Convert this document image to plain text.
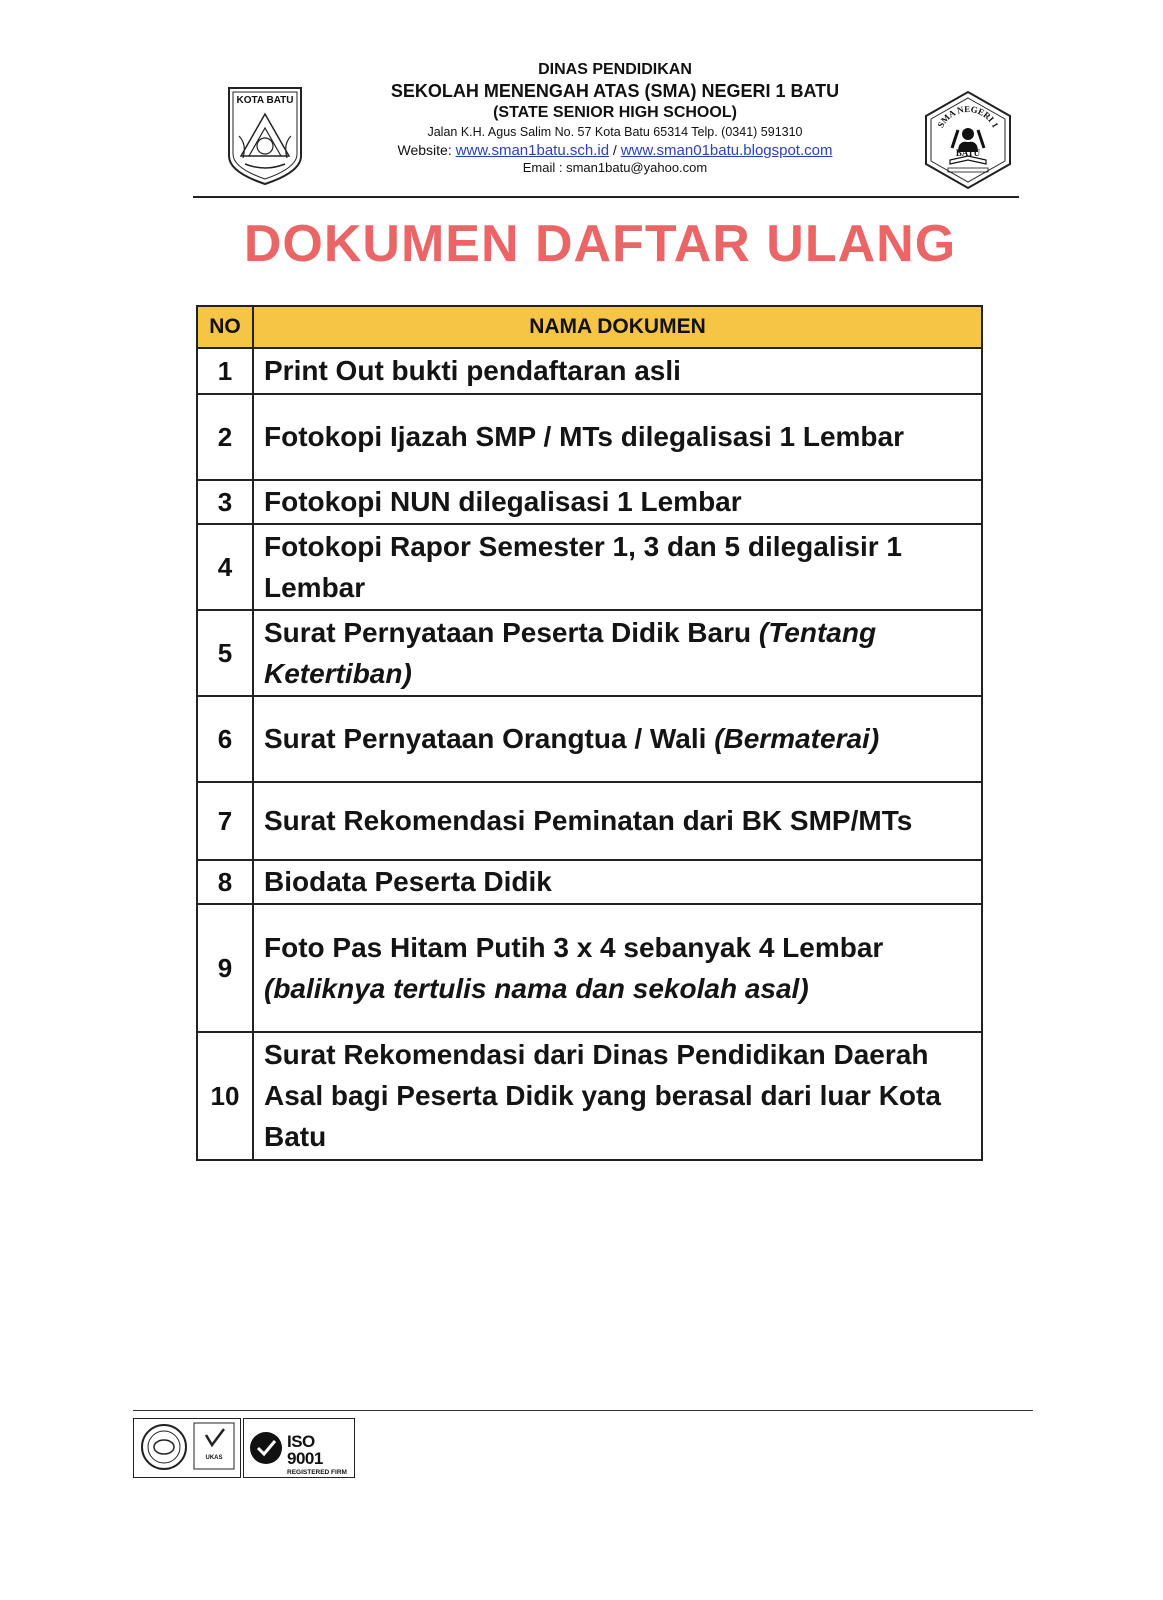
KOTA BATU
DINAS PENDIDIKAN
SEKOLAH MENENGAH ATAS (SMA) NEGERI 1 BATU
(STATE SENIOR HIGH SCHOOL)
Jalan K.H. Agus Salim No. 57 Kota Batu 65314 Telp. (0341) 591310
Website: www.sman1batu.sch.id / www.sman01batu.blogspot.com
Email : sman1batu@yahoo.com
SMA NEGERI 1
BATU
DOKUMEN DAFTAR ULANG
NO	NAMA DOKUMEN
1	Print Out bukti pendaftaran asli
2	Fotokopi Ijazah SMP / MTs dilegalisasi 1 Lembar
3	Fotokopi NUN dilegalisasi 1 Lembar
4	Fotokopi Rapor Semester 1, 3 dan 5 dilegalisir 1 Lembar
5	Surat Pernyataan Peserta Didik Baru (Tentang Ketertiban)
6	Surat Pernyataan Orangtua / Wali (Bermaterai)
7	Surat Rekomendasi Peminatan dari BK SMP/MTs
8	Biodata Peserta Didik
9	Foto Pas Hitam Putih 3 x 4 sebanyak 4 Lembar (baliknya tertulis nama dan sekolah asal)
10	Surat Rekomendasi dari Dinas Pendidikan Daerah Asal bagi Peserta Didik yang berasal dari luar Kota Batu
UKAS
ISO 9001
REGISTERED FIRM
